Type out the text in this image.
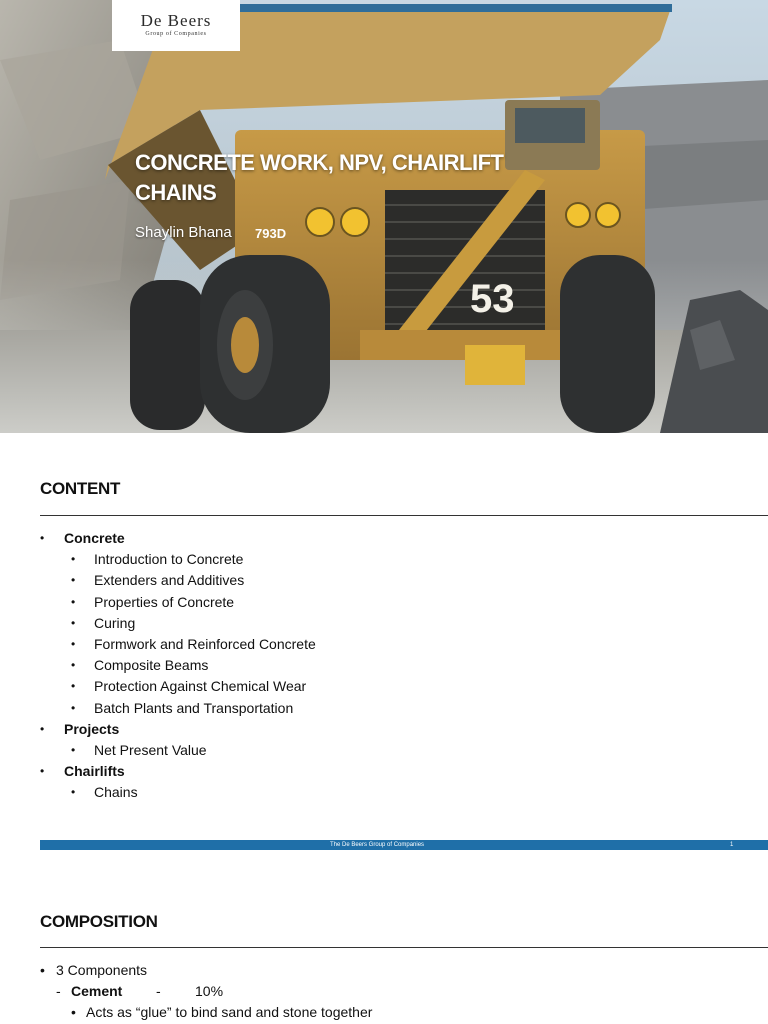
53
793D
De Beers
Group of Companies
CONCRETE WORK, NPV, CHAIRLIFT CHAINS

Shaylin Bhana

CONTENT
• Concrete
• Introduction to Concrete
• Extenders and Additives
• Properties of Concrete
• Curing
• Formwork and Reinforced Concrete
• Composite Beams
• Protection Against Chemical Wear
• Batch Plants and Transportation
• Projects
• Net Present Value
• Chairlifts
• Chains
The De Beers Group of Companies	1
COMPOSITION
• 3 Components
- Cement - 10%
• Acts as “glue” to bind sand and stone together
